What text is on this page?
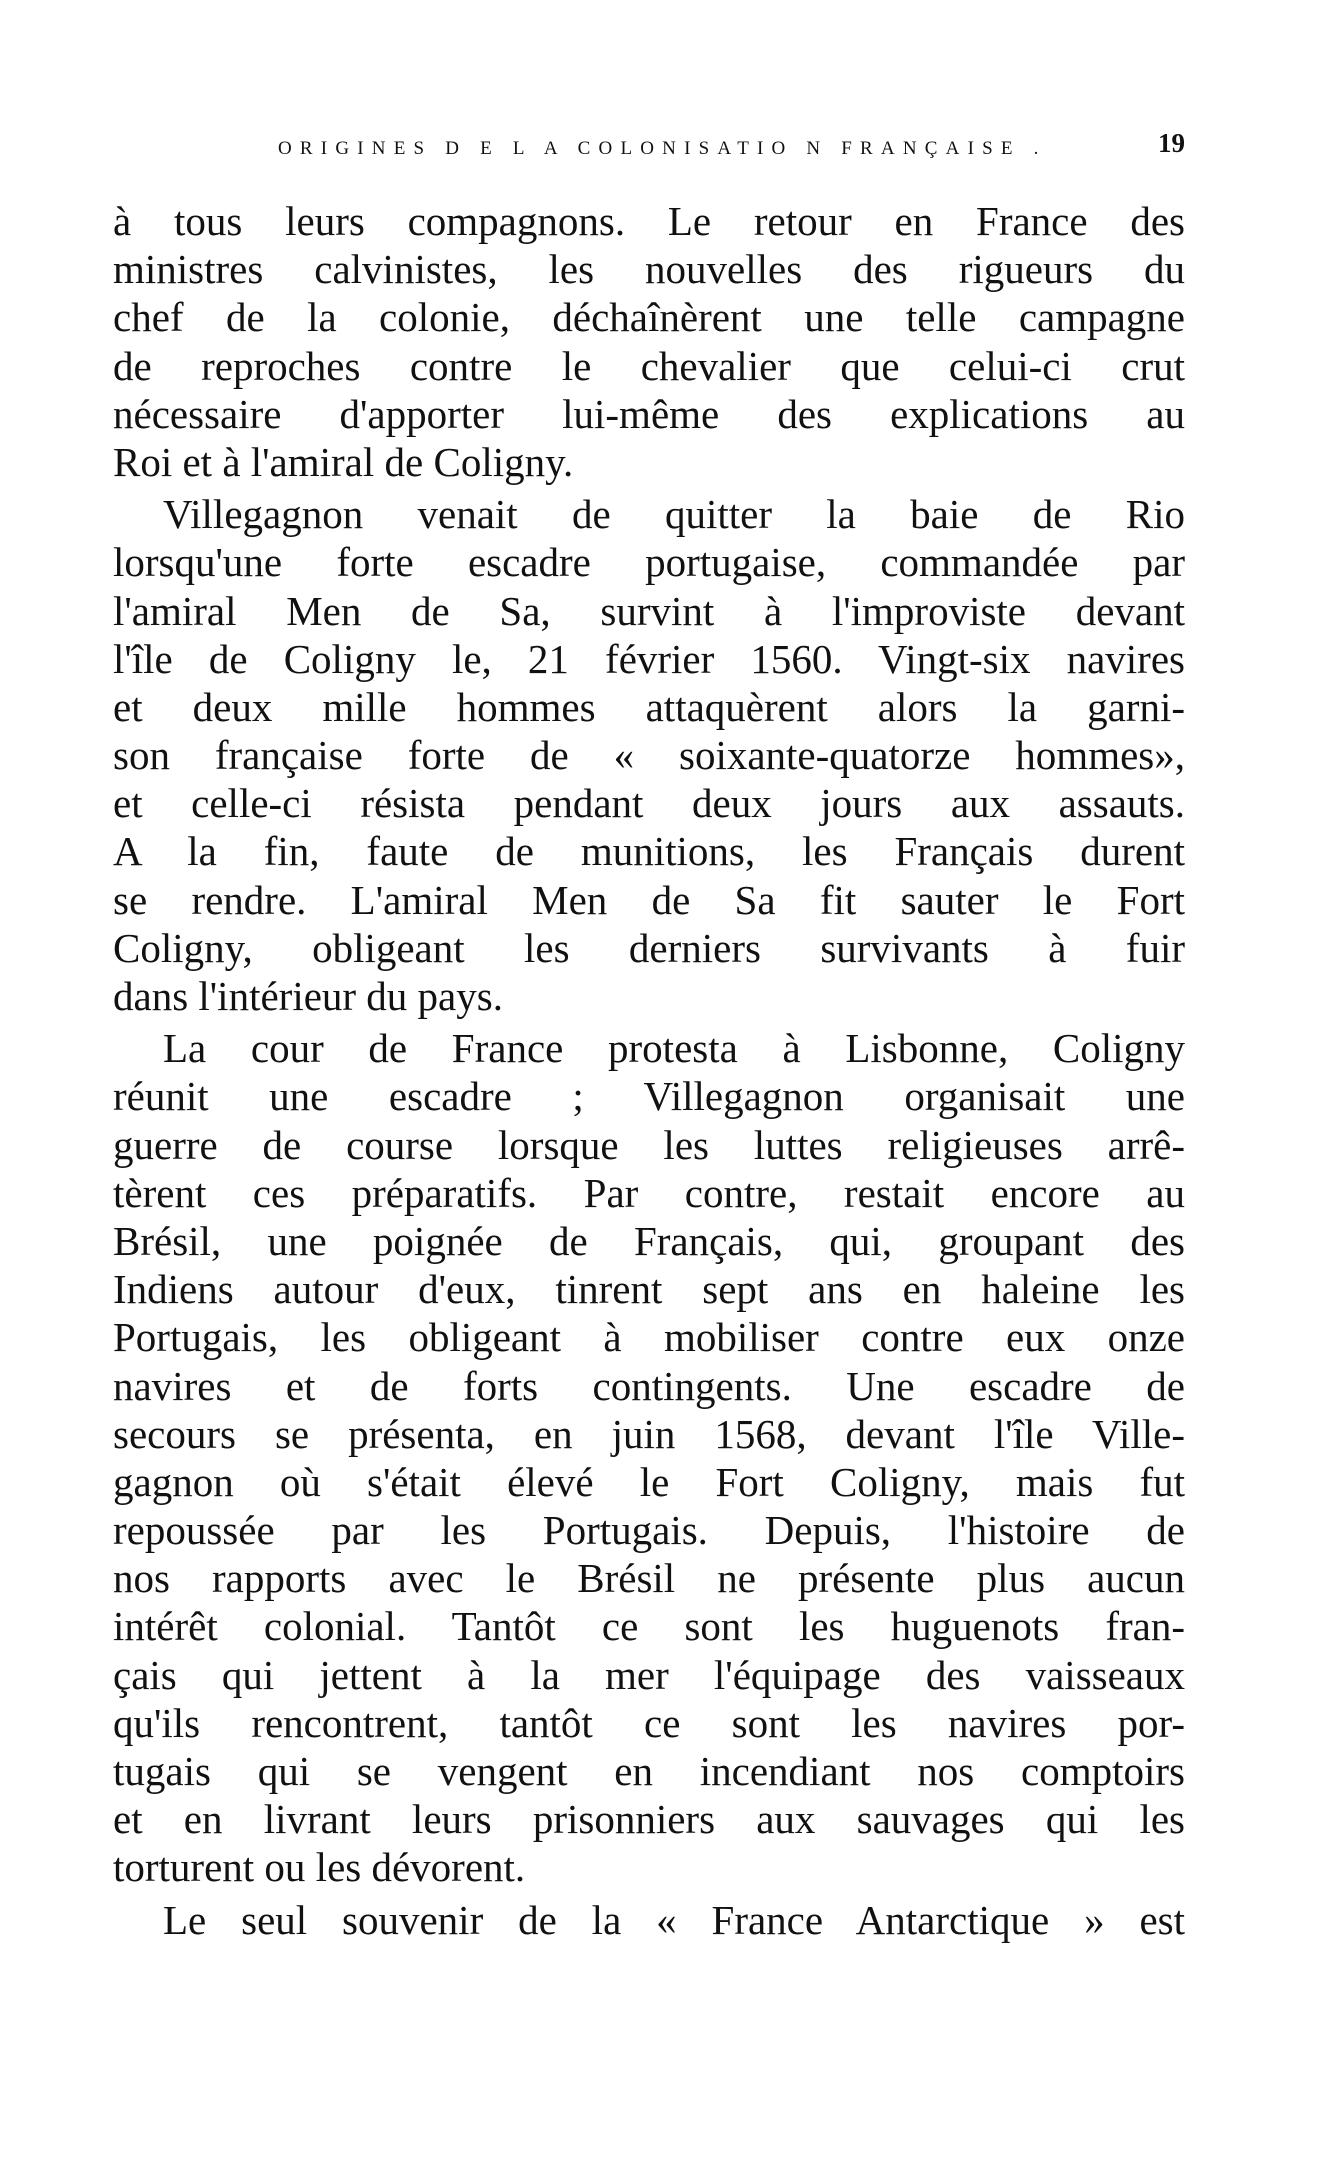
ORIGINES D E L A COLONISATIO N FRANÇAISE .	19
à tous leurs compagnons. Le retour en France des
ministres calvinistes, les nouvelles des rigueurs du
chef de la colonie, déchaînèrent une telle campagne
de reproches contre le chevalier que celui-ci crut
nécessaire d'apporter lui-même des explications au
Roi et à l'amiral de Coligny.
Villegagnon venait de quitter la baie de Rio
lorsqu'une forte escadre portugaise, commandée par
l'amiral Men de Sa, survint à l'improviste devant
l'île de Coligny le, 21 février 1560. Vingt-six navires
et deux mille hommes attaquèrent alors la garni-
son française forte de « soixante-quatorze hommes»,
et celle-ci résista pendant deux jours aux assauts.
A la fin, faute de munitions, les Français durent
se rendre. L'amiral Men de Sa fit sauter le Fort
Coligny, obligeant les derniers survivants à fuir
dans l'intérieur du pays.
La cour de France protesta à Lisbonne, Coligny
réunit une escadre ; Villegagnon organisait une
guerre de course lorsque les luttes religieuses arrê-
tèrent ces préparatifs. Par contre, restait encore au
Brésil, une poignée de Français, qui, groupant des
Indiens autour d'eux, tinrent sept ans en haleine les
Portugais, les obligeant à mobiliser contre eux onze
navires et de forts contingents. Une escadre de
secours se présenta, en juin 1568, devant l'île Ville-
gagnon où s'était élevé le Fort Coligny, mais fut
repoussée par les Portugais. Depuis, l'histoire de
nos rapports avec le Brésil ne présente plus aucun
intérêt colonial. Tantôt ce sont les huguenots fran-
çais qui jettent à la mer l'équipage des vaisseaux
qu'ils rencontrent, tantôt ce sont les navires por-
tugais qui se vengent en incendiant nos comptoirs
et en livrant leurs prisonniers aux sauvages qui les
torturent ou les dévorent.
Le seul souvenir de la « France Antarctique » est
